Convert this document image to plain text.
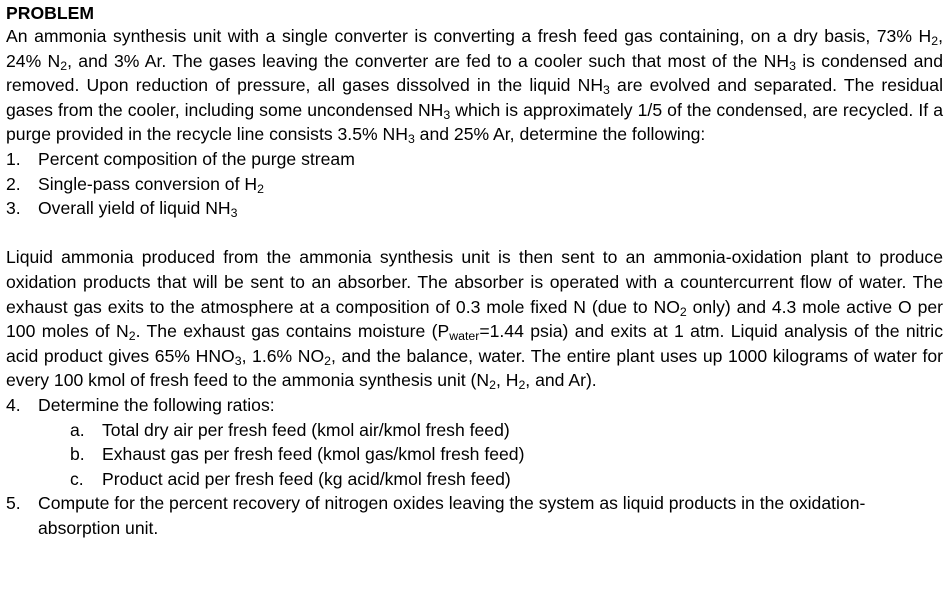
PROBLEM

An ammonia synthesis unit with a single converter is converting a fresh feed gas containing, on a dry basis, 73% $H_2$, 24% $N_2$, and 3% Ar. The gases leaving the converter are fed to a cooler such that most of the $NH_3$ is condensed and removed. Upon reduction of pressure, all gases dissolved in the liquid $NH_3$ are evolved and separated. The residual gases from the cooler, including some uncondensed $NH_3$ which is approximately 1/5 of the condensed, are recycled. If a purge provided in the recycle line consists 3.5% $NH_3$ and 25% Ar, determine the following:

1. Percent composition of the purge stream
2. Single-pass conversion of $H_2$
3. Overall yield of liquid $NH_3$

Liquid ammonia produced from the ammonia synthesis unit is then sent to an ammonia-oxidation plant to produce oxidation products that will be sent to an absorber. The absorber is operated with a countercurrent flow of water. The exhaust gas exits to the atmosphere at a composition of 0.3 mole fixed N (due to $NO_2$ only) and 4.3 mole active O per 100 moles of $N_2$. The exhaust gas contains moisture ($P_{water}=1.44$ psia) and exits at 1 atm. Liquid analysis of the nitric acid product gives 65% $HNO_3$, 1.6% $NO_2$, and the balance, water. The entire plant uses up 1000 kilograms of water for every 100 kmol of fresh feed to the ammonia synthesis unit ($N_2$, $H_2$, and Ar).

4. Determine the following ratios:
a. Total dry air per fresh feed (kmol air/kmol fresh feed)
b. Exhaust gas per fresh feed (kmol gas/kmol fresh feed)
c.	Product acid per fresh feed (kg acid/kmol fresh feed)
5. Compute for the percent recovery of nitrogen oxides leaving the system as liquid products in the oxidation-absorption unit.
